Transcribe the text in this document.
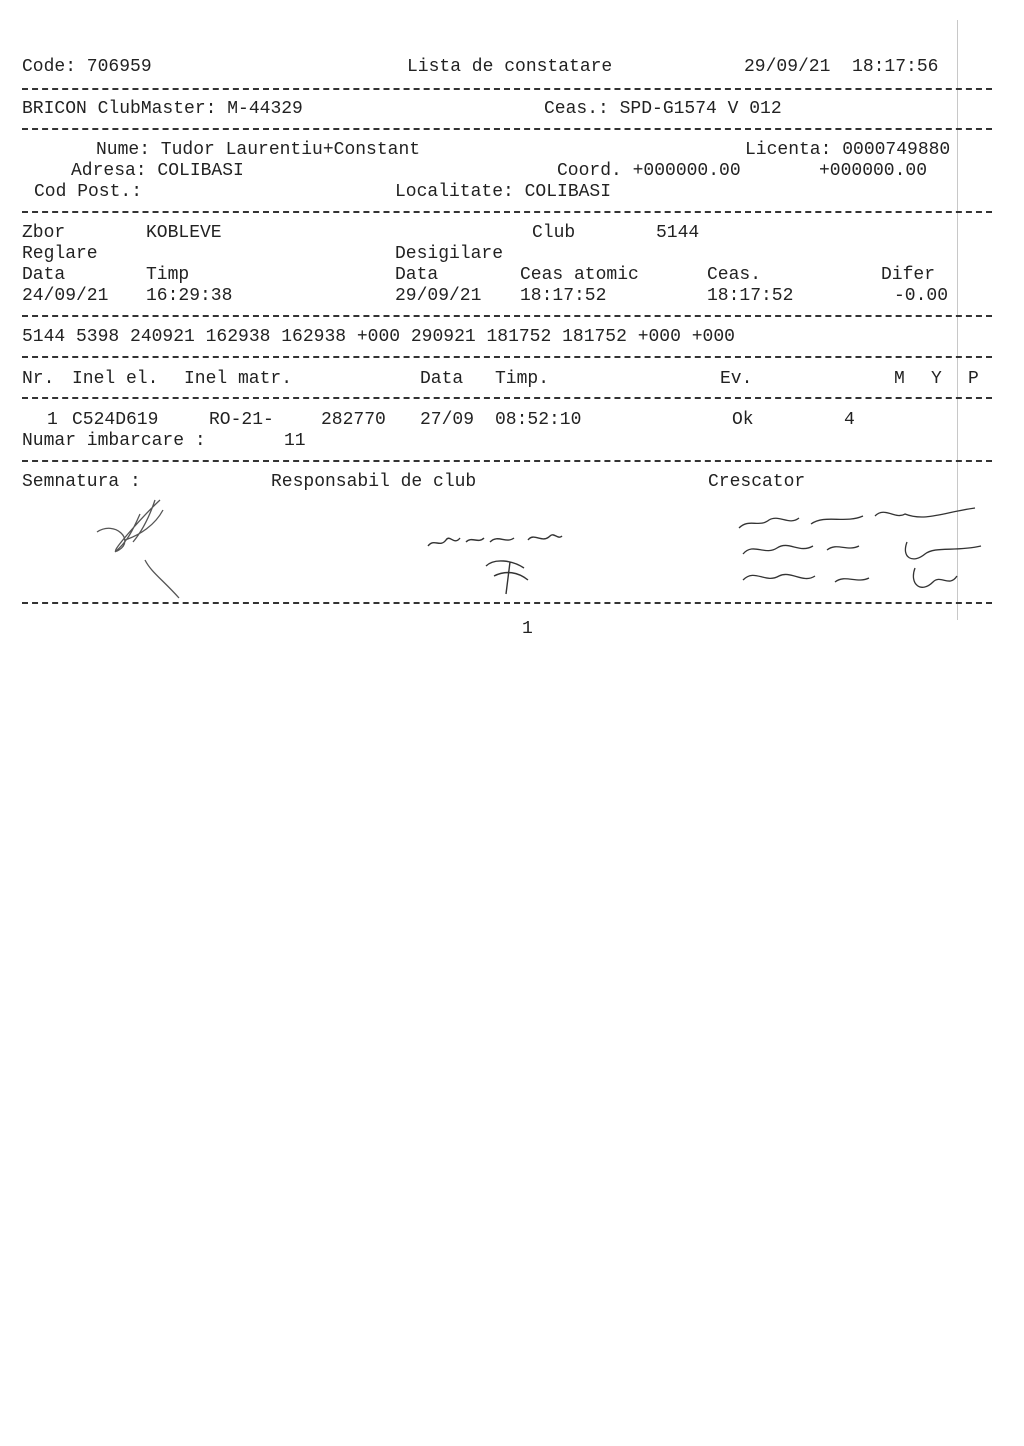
Code: 706959	Lista de constatare	29/09/21  18:17:56
BRICON ClubMaster: M-44329	Ceas.: SPD-G1574 V 012
Nume: Tudor Laurentiu+Constant	Licenta: 0000749880
Adresa: COLIBASI	Coord. +000000.00	+000000.00
Cod Post.:	Localitate: COLIBASI
Zbor	KOBLEVE	Club	5144
Reglare	Desigilare
Data	Timp	Data	Ceas atomic	Ceas.	Difer
24/09/21 16:29:38	29/09/21 18:17:52	18:17:52	-0.00
5144 5398 240921 162938 162938 +000 290921 181752 181752 +000 +000
Nr. Inel el. Inel matr.	Data Timp.	Ev.	M Y P
1 C524D619	RO-21-	282770 27/09 08:52:10	Ok	4
Numar imbarcare :	11
Semnatura :	Responsabil de club	Crescator
1
